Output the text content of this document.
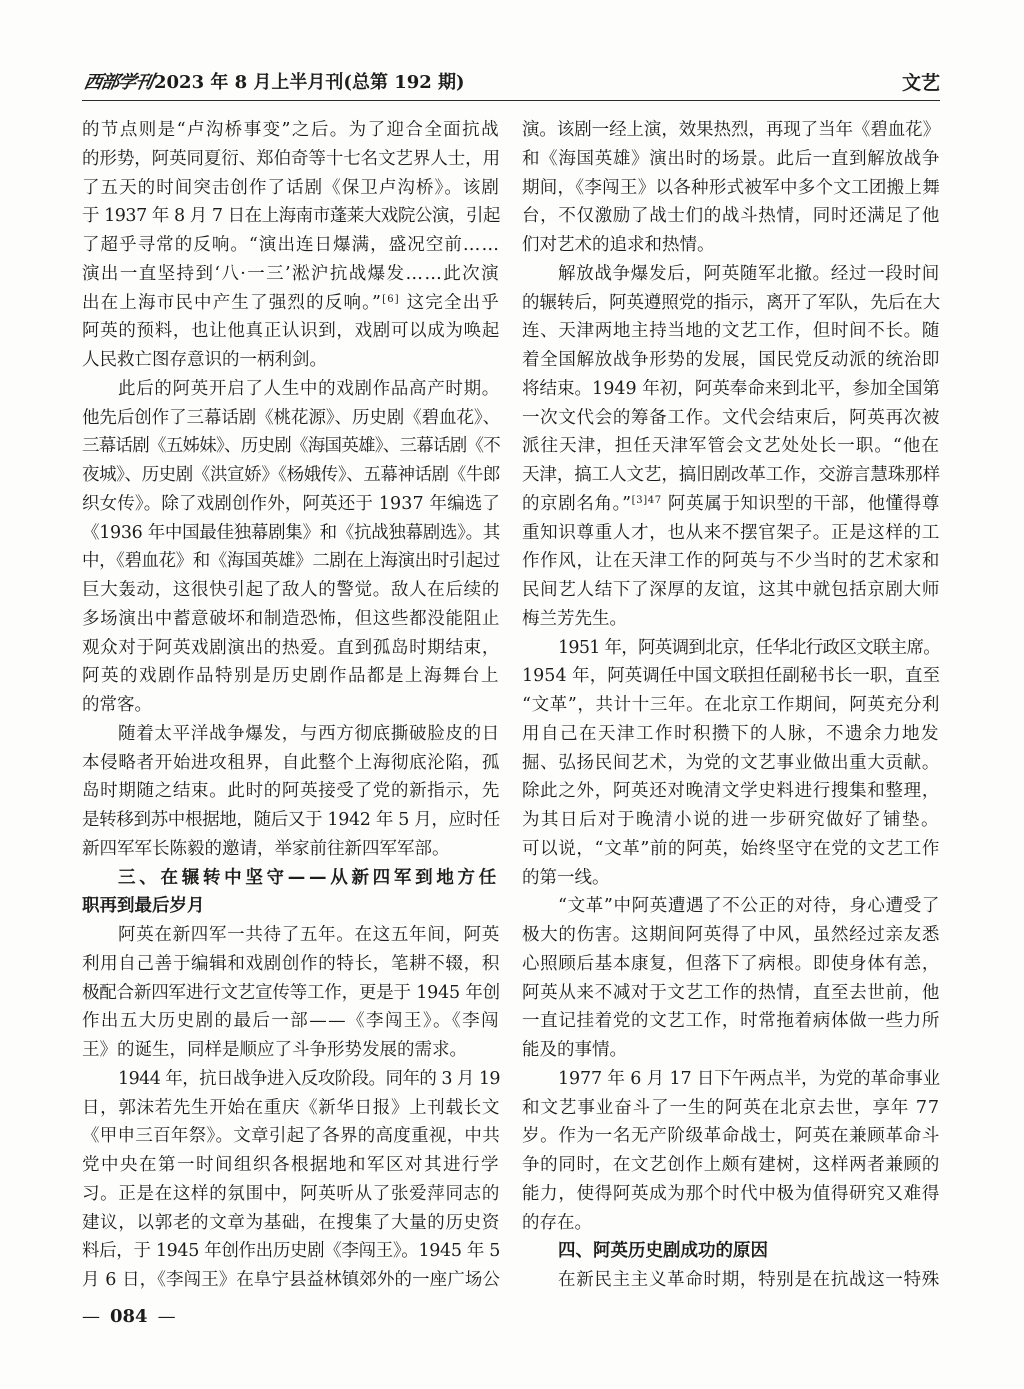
西部学刊 2023 年 8 月上半月刊(总第 192 期)	文艺
的节点则是“卢沟桥事变”之后。为了迎合全面抗战
的形势，阿英同夏衍、郑伯奇等十七名文艺界人士，用
了五天的时间突击创作了话剧《保卫卢沟桥》。该剧
于 1937 年 8 月 7 日在上海南市蓬莱大戏院公演，引起
了超乎寻常的反响。“演出连日爆满，盛况空前……
演出一直坚持到‘八·一三’淞沪抗战爆发……此次演
出在上海市民中产生了强烈的反响。”[6] 这完全出乎
阿英的预料，也让他真正认识到，戏剧可以成为唤起
人民救亡图存意识的一柄利剑。
此后的阿英开启了人生中的戏剧作品高产时期。
他先后创作了三幕话剧《桃花源》、历史剧《碧血花》、
三幕话剧《五姊妹》、历史剧《海国英雄》、三幕话剧《不
夜城》、历史剧《洪宣娇》《杨娥传》、五幕神话剧《牛郎
织女传》。除了戏剧创作外，阿英还于 1937 年编选了
《1936 年中国最佳独幕剧集》和《抗战独幕剧选》。其
中，《碧血花》和《海国英雄》二剧在上海演出时引起过
巨大轰动，这很快引起了敌人的警觉。敌人在后续的
多场演出中蓄意破坏和制造恐怖，但这些都没能阻止
观众对于阿英戏剧演出的热爱。直到孤岛时期结束，
阿英的戏剧作品特别是历史剧作品都是上海舞台上
的常客。
随着太平洋战争爆发，与西方彻底撕破脸皮的日
本侵略者开始进攻租界，自此整个上海彻底沦陷，孤
岛时期随之结束。此时的阿英接受了党的新指示，先
是转移到苏中根据地，随后又于 1942 年 5 月，应时任
新四军军长陈毅的邀请，举家前往新四军军部。
三、在辗转中坚守——从新四军到地方任
职再到最后岁月
阿英在新四军一共待了五年。在这五年间，阿英
利用自己善于编辑和戏剧创作的特长，笔耕不辍，积
极配合新四军进行文艺宣传等工作，更是于 1945 年创
作出五大历史剧的最后一部——《李闯王》。《李闯
王》的诞生，同样是顺应了斗争形势发展的需求。
1944 年，抗日战争进入反攻阶段。同年的 3 月 19
日，郭沫若先生开始在重庆《新华日报》上刊载长文
《甲申三百年祭》。文章引起了各界的高度重视，中共
党中央在第一时间组织各根据地和军区对其进行学
习。正是在这样的氛围中，阿英听从了张爱萍同志的
建议，以郭老的文章为基础，在搜集了大量的历史资
料后，于 1945 年创作出历史剧《李闯王》。1945 年 5
月 6 日，《李闯王》在阜宁县益林镇郊外的一座广场公
演。该剧一经上演，效果热烈，再现了当年《碧血花》
和《海国英雄》演出时的场景。此后一直到解放战争
期间，《李闯王》以各种形式被军中多个文工团搬上舞
台，不仅激励了战士们的战斗热情，同时还满足了他
们对艺术的追求和热情。
解放战争爆发后，阿英随军北撤。经过一段时间
的辗转后，阿英遵照党的指示，离开了军队，先后在大
连、天津两地主持当地的文艺工作，但时间不长。随
着全国解放战争形势的发展，国民党反动派的统治即
将结束。1949 年初，阿英奉命来到北平，参加全国第
一次文代会的筹备工作。文代会结束后，阿英再次被
派往天津，担任天津军管会文艺处处长一职。“他在
天津，搞工人文艺，搞旧剧改革工作，交游言慧珠那样
的京剧名角。”$^{[3]47}$ 阿英属于知识型的干部，他懂得尊
重知识尊重人才，也从来不摆官架子。正是这样的工
作作风，让在天津工作的阿英与不少当时的艺术家和
民间艺人结下了深厚的友谊，这其中就包括京剧大师
梅兰芳先生。
1951 年，阿英调到北京，任华北行政区文联主席。
1954 年，阿英调任中国文联担任副秘书长一职，直至
“文革”，共计十三年。在北京工作期间，阿英充分利
用自己在天津工作时积攒下的人脉，不遗余力地发
掘、弘扬民间艺术，为党的文艺事业做出重大贡献。
除此之外，阿英还对晚清文学史料进行搜集和整理，
为其日后对于晚清小说的进一步研究做好了铺垫。
可以说，“文革”前的阿英，始终坚守在党的文艺工作
的第一线。
“文革”中阿英遭遇了不公正的对待，身心遭受了
极大的伤害。这期间阿英得了中风，虽然经过亲友悉
心照顾后基本康复，但落下了病根。即使身体有恙，
阿英从来不减对于文艺工作的热情，直至去世前，他
一直记挂着党的文艺工作，时常拖着病体做一些力所
能及的事情。
1977 年 6 月 17 日下午两点半，为党的革命事业
和文艺事业奋斗了一生的阿英在北京去世，享年 77
岁。作为一名无产阶级革命战士，阿英在兼顾革命斗
争的同时，在文艺创作上颇有建树，这样两者兼顾的
能力，使得阿英成为那个时代中极为值得研究又难得
的存在。
四、阿英历史剧成功的原因
在新民主主义革命时期，特别是在抗战这一特殊
— 084 —
